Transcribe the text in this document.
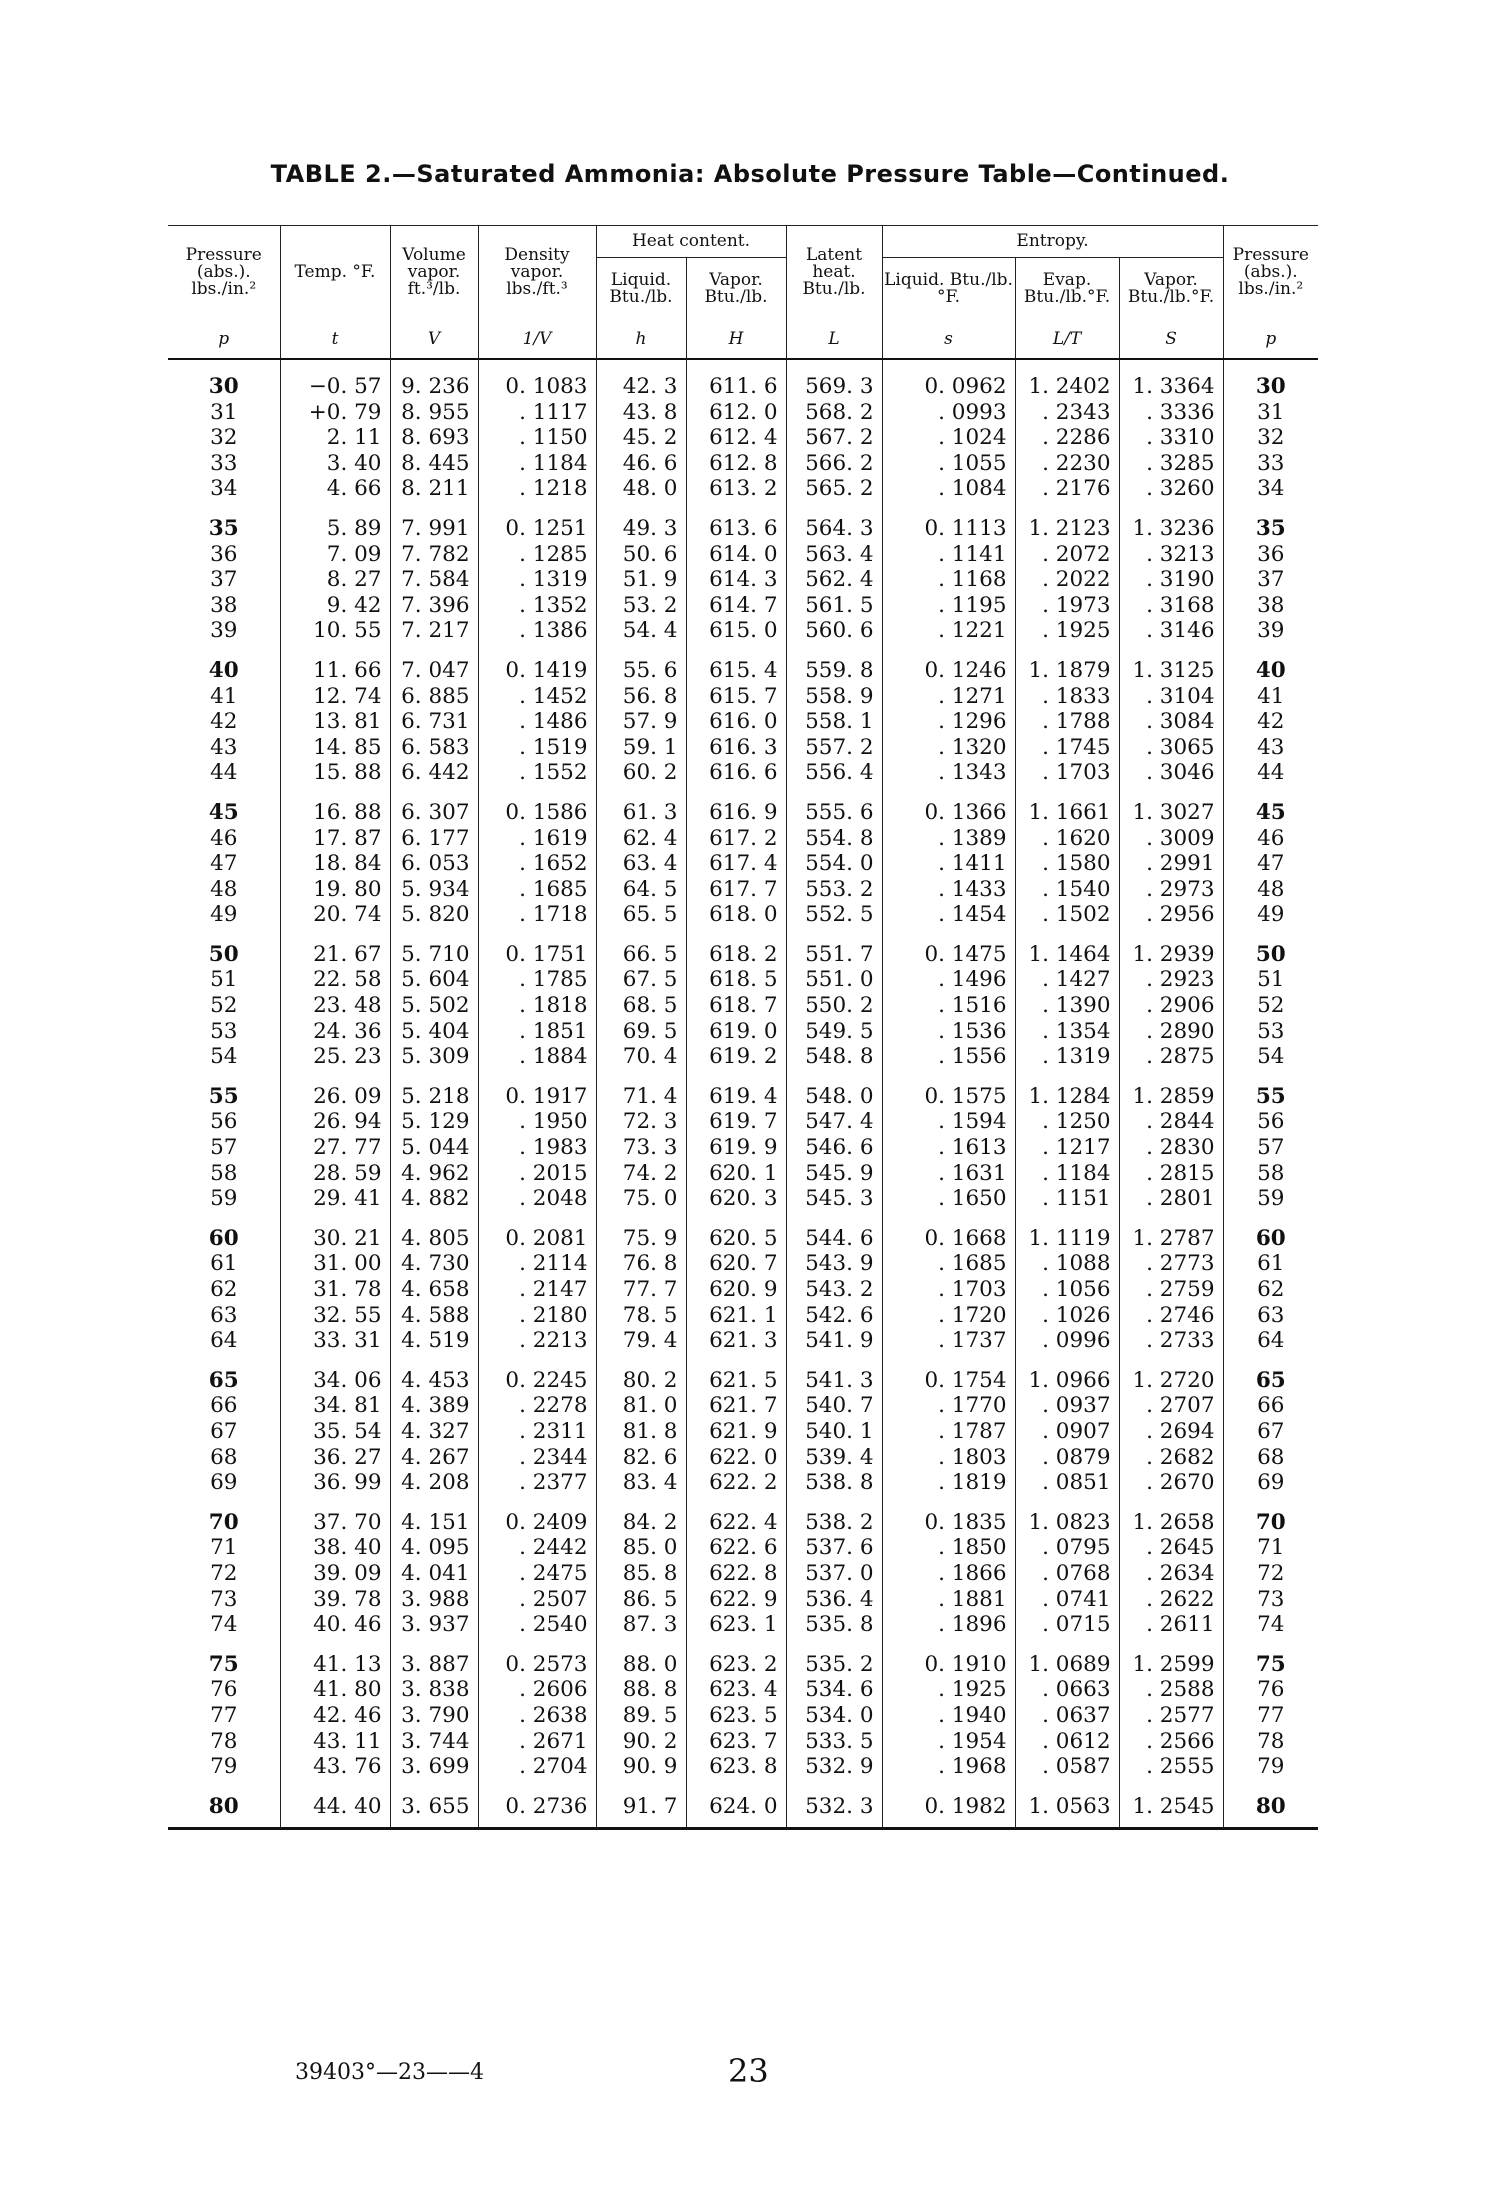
TABLE 2.—Saturated Ammonia: Absolute Pressure Table—Continued.
Pressure (abs.). lbs./in.²	Temp. °F.	Volume vapor. ft.³/lb.	Density vapor. lbs./ft.³	Heat content.		Latent heat. Btu./lb.	Entropy.			Pressure (abs.). lbs./in.²
				Liquid. Btu./lb.	Vapor. Btu./lb.		Liquid. Btu./lb. °F.	Evap. Btu./lb.°F.	Vapor. Btu./lb.°F.	
p	t	V	1/V	h	H	L	s	L/T	S	p
30	−0. 57	9. 236	0. 1083	42. 3	611. 6	569. 3	0. 0962	1. 2402	1. 3364	30
31	+0. 79	8. 955	. 1117	43. 8	612. 0	568. 2	. 0993	. 2343	. 3336	31
32	2. 11	8. 693	. 1150	45. 2	612. 4	567. 2	. 1024	. 2286	. 3310	32
33	3. 40	8. 445	. 1184	46. 6	612. 8	566. 2	. 1055	. 2230	. 3285	33
34	4. 66	8. 211	. 1218	48. 0	613. 2	565. 2	. 1084	. 2176	. 3260	34
35	5. 89	7. 991	0. 1251	49. 3	613. 6	564. 3	0. 1113	1. 2123	1. 3236	35
36	7. 09	7. 782	. 1285	50. 6	614. 0	563. 4	. 1141	. 2072	. 3213	36
37	8. 27	7. 584	. 1319	51. 9	614. 3	562. 4	. 1168	. 2022	. 3190	37
38	9. 42	7. 396	. 1352	53. 2	614. 7	561. 5	. 1195	. 1973	. 3168	38
39	10. 55	7. 217	. 1386	54. 4	615. 0	560. 6	. 1221	. 1925	. 3146	39
40	11. 66	7. 047	0. 1419	55. 6	615. 4	559. 8	0. 1246	1. 1879	1. 3125	40
41	12. 74	6. 885	. 1452	56. 8	615. 7	558. 9	. 1271	. 1833	. 3104	41
42	13. 81	6. 731	. 1486	57. 9	616. 0	558. 1	. 1296	. 1788	. 3084	42
43	14. 85	6. 583	. 1519	59. 1	616. 3	557. 2	. 1320	. 1745	. 3065	43
44	15. 88	6. 442	. 1552	60. 2	616. 6	556. 4	. 1343	. 1703	. 3046	44
45	16. 88	6. 307	0. 1586	61. 3	616. 9	555. 6	0. 1366	1. 1661	1. 3027	45
46	17. 87	6. 177	. 1619	62. 4	617. 2	554. 8	. 1389	. 1620	. 3009	46
47	18. 84	6. 053	. 1652	63. 4	617. 4	554. 0	. 1411	. 1580	. 2991	47
48	19. 80	5. 934	. 1685	64. 5	617. 7	553. 2	. 1433	. 1540	. 2973	48
49	20. 74	5. 820	. 1718	65. 5	618. 0	552. 5	. 1454	. 1502	. 2956	49
50	21. 67	5. 710	0. 1751	66. 5	618. 2	551. 7	0. 1475	1. 1464	1. 2939	50
51	22. 58	5. 604	. 1785	67. 5	618. 5	551. 0	. 1496	. 1427	. 2923	51
52	23. 48	5. 502	. 1818	68. 5	618. 7	550. 2	. 1516	. 1390	. 2906	52
53	24. 36	5. 404	. 1851	69. 5	619. 0	549. 5	. 1536	. 1354	. 2890	53
54	25. 23	5. 309	. 1884	70. 4	619. 2	548. 8	. 1556	. 1319	. 2875	54
55	26. 09	5. 218	0. 1917	71. 4	619. 4	548. 0	0. 1575	1. 1284	1. 2859	55
56	26. 94	5. 129	. 1950	72. 3	619. 7	547. 4	. 1594	. 1250	. 2844	56
57	27. 77	5. 044	. 1983	73. 3	619. 9	546. 6	. 1613	. 1217	. 2830	57
58	28. 59	4. 962	. 2015	74. 2	620. 1	545. 9	. 1631	. 1184	. 2815	58
59	29. 41	4. 882	. 2048	75. 0	620. 3	545. 3	. 1650	. 1151	. 2801	59
60	30. 21	4. 805	0. 2081	75. 9	620. 5	544. 6	0. 1668	1. 1119	1. 2787	60
61	31. 00	4. 730	. 2114	76. 8	620. 7	543. 9	. 1685	. 1088	. 2773	61
62	31. 78	4. 658	. 2147	77. 7	620. 9	543. 2	. 1703	. 1056	. 2759	62
63	32. 55	4. 588	. 2180	78. 5	621. 1	542. 6	. 1720	. 1026	. 2746	63
64	33. 31	4. 519	. 2213	79. 4	621. 3	541. 9	. 1737	. 0996	. 2733	64
65	34. 06	4. 453	0. 2245	80. 2	621. 5	541. 3	0. 1754	1. 0966	1. 2720	65
66	34. 81	4. 389	. 2278	81. 0	621. 7	540. 7	. 1770	. 0937	. 2707	66
67	35. 54	4. 327	. 2311	81. 8	621. 9	540. 1	. 1787	. 0907	. 2694	67
68	36. 27	4. 267	. 2344	82. 6	622. 0	539. 4	. 1803	. 0879	. 2682	68
69	36. 99	4. 208	. 2377	83. 4	622. 2	538. 8	. 1819	. 0851	. 2670	69
70	37. 70	4. 151	0. 2409	84. 2	622. 4	538. 2	0. 1835	1. 0823	1. 2658	70
71	38. 40	4. 095	. 2442	85. 0	622. 6	537. 6	. 1850	. 0795	. 2645	71
72	39. 09	4. 041	. 2475	85. 8	622. 8	537. 0	. 1866	. 0768	. 2634	72
73	39. 78	3. 988	. 2507	86. 5	622. 9	536. 4	. 1881	. 0741	. 2622	73
74	40. 46	3. 937	. 2540	87. 3	623. 1	535. 8	. 1896	. 0715	. 2611	74
75	41. 13	3. 887	0. 2573	88. 0	623. 2	535. 2	0. 1910	1. 0689	1. 2599	75
76	41. 80	3. 838	. 2606	88. 8	623. 4	534. 6	. 1925	. 0663	. 2588	76
77	42. 46	3. 790	. 2638	89. 5	623. 5	534. 0	. 1940	. 0637	. 2577	77
78	43. 11	3. 744	. 2671	90. 2	623. 7	533. 5	. 1954	. 0612	. 2566	78
79	43. 76	3. 699	. 2704	90. 9	623. 8	532. 9	. 1968	. 0587	. 2555	79
80	44. 40	3. 655	0. 2736	91. 7	624. 0	532. 3	0. 1982	1. 0563	1. 2545	80
39403°—23——4	23
